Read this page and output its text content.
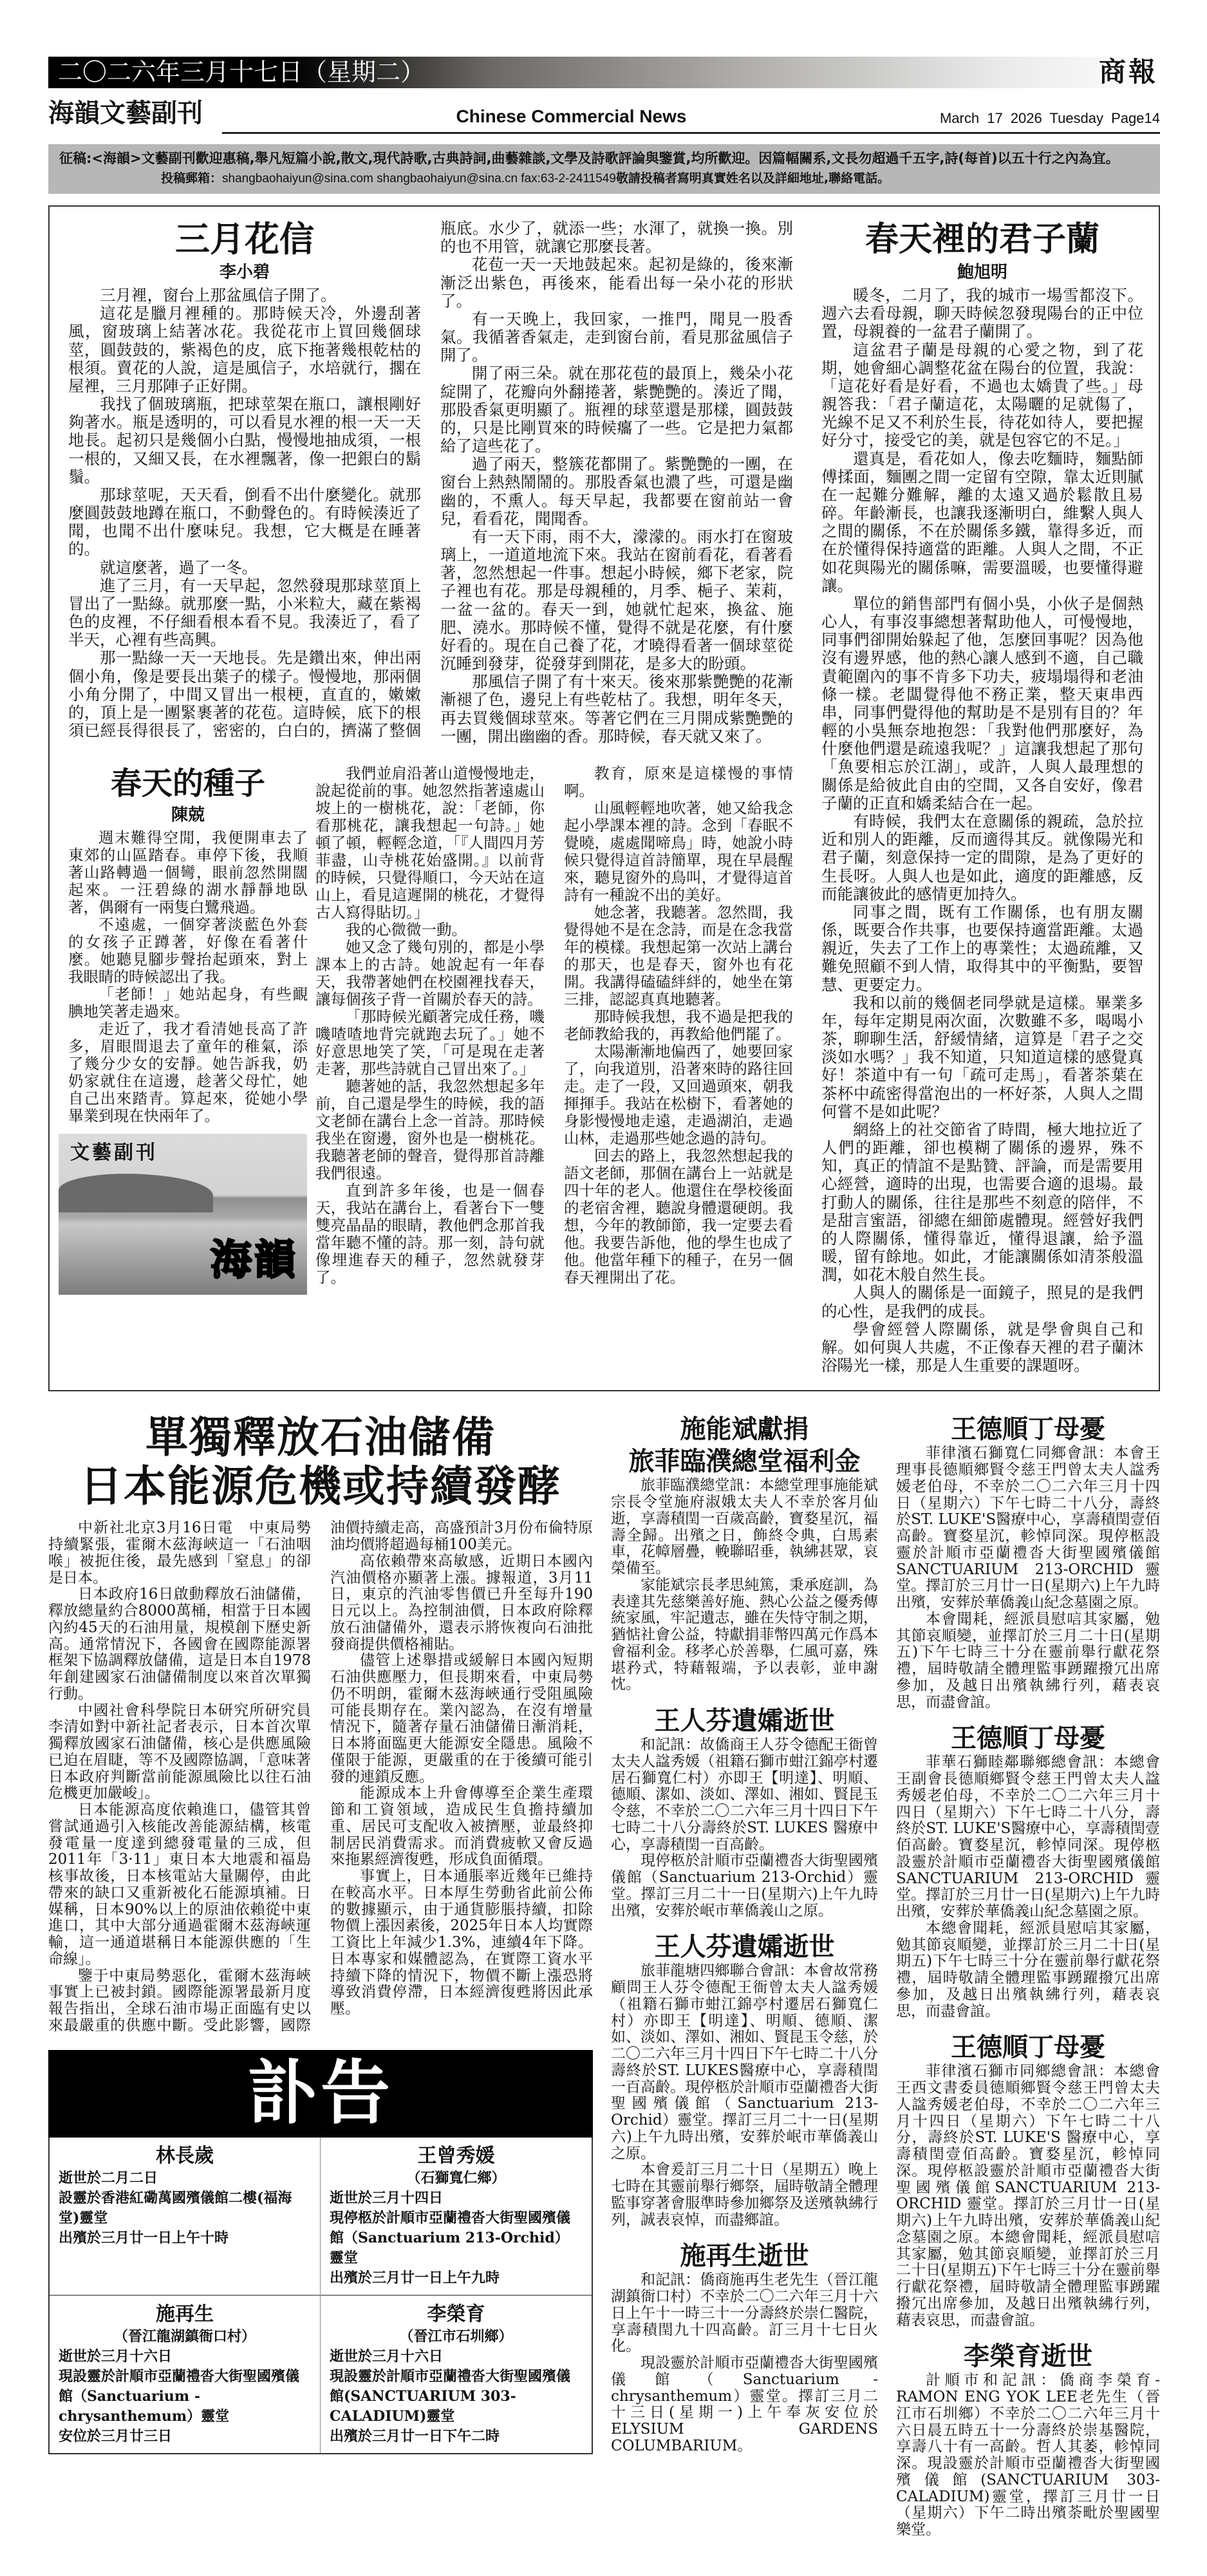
二〇二六年三月十七日（星期二）	商報
海韻文藝副刊	Chinese Commercial News	March 17 2026 Tuesday Page14
征稿:<海韻>文藝副刊歡迎惠稿,舉凡短篇小說,散文,現代詩歌,古典詩詞,曲藝雜談,文學及詩歌評論與鑒賞,均所歡迎。因篇幅關系,文長勿超過千五字,詩(每首)以五十行之內為宜。
投稿郵箱：shangbaohaiyun@sina.com shangbaohaiyun@sina.cn fax:63-2-2411549敬請投稿者寫明真實姓名以及詳細地址,聯絡電話。
三月花信
李小碧

三月裡，窗台上那盆風信子開了。

這花是臘月裡種的。那時候天冷，外邊刮著風，窗玻璃上結著冰花。我從花市上買回幾個球莖，圓鼓鼓的，紫褐色的皮，底下拖著幾根乾枯的根須。賣花的人說，這是風信子，水培就行，擱在屋裡，三月那陣子正好開。

我找了個玻璃瓶，把球莖架在瓶口，讓根剛好夠著水。瓶是透明的，可以看見水裡的根一天一天地長。起初只是幾個小白點，慢慢地抽成須，一根一根的，又細又長，在水裡飄著，像一把銀白的鬍鬚。

那球莖呢，天天看，倒看不出什麼變化。就那麼圓鼓鼓地蹲在瓶口，不動聲色的。有時候湊近了聞，也聞不出什麼味兒。我想，它大概是在睡著的。

就這麼著，過了一冬。

進了三月，有一天早起，忽然發現那球莖頂上冒出了一點綠。就那麼一點，小米粒大，藏在紫褐色的皮裡，不仔細看根本看不見。我湊近了，看了半天，心裡有些高興。

那一點綠一天一天地長。先是鑽出來，伸出兩個小角，像是要長出葉子的樣子。慢慢地，那兩個小角分開了，中間又冒出一根梗，直直的，嫩嫩的，頂上是一團緊裹著的花苞。這時候，底下的根須已經長得很長了，密密的，白白的，擠滿了整個瓶底。水少了，就添一些；水渾了，就換一換。別的也不用管，就讓它那麼長著。

花苞一天一天地鼓起來。起初是綠的，後來漸漸泛出紫色，再後來，能看出每一朵小花的形狀了。

有一天晚上，我回家，一推門，聞見一股香氣。我循著香氣走，走到窗台前，看見那盆風信子開了。

開了兩三朵。就在那花苞的最頂上，幾朵小花綻開了，花瓣向外翻捲著，紫艷艷的。湊近了聞，那股香氣更明顯了。瓶裡的球莖還是那樣，圓鼓鼓的，只是比剛買來的時候癟了一些。它是把力氣都給了這些花了。

過了兩天，整簇花都開了。紫艷艷的一團，在窗台上熱熱鬧鬧的。那股香氣也濃了些，可還是幽幽的，不熏人。每天早起，我都要在窗前站一會兒，看看花，聞聞香。

有一天下雨，雨不大，濛濛的。雨水打在窗玻璃上，一道道地流下來。我站在窗前看花，看著看著，忽然想起一件事。想起小時候，鄉下老家，院子裡也有花。那是母親種的，月季、梔子、茉莉，一盆一盆的。春天一到，她就忙起來，換盆、施肥、澆水。那時候不懂，覺得不就是花麼，有什麼好看的。現在自己養了花，才曉得看著一個球莖從沉睡到發芽，從發芽到開花，是多大的盼頭。

那風信子開了有十來天。後來那紫艷艷的花漸漸褪了色，邊兒上有些乾枯了。我想，明年冬天，再去買幾個球莖來。等著它們在三月開成紫艷艷的一團，開出幽幽的香。那時候，春天就又來了。

春天的種子
陳兢

週末難得空閒，我便開車去了東郊的山區踏春。車停下後，我順著山路轉過一個彎，眼前忽然開闊起來。一汪碧綠的湖水靜靜地臥著，偶爾有一兩隻白鷺飛過。

不遠處，一個穿著淡藍色外套的女孩子正蹲著，好像在看著什麼。她聽見腳步聲抬起頭來，對上我眼睛的時候認出了我。

「老師！」她站起身，有些靦腆地笑著走過來。

走近了，我才看清她長高了許多，眉眼間退去了童年的稚氣，添了幾分少女的安靜。她告訴我，奶奶家就住在這邊，趁著父母忙，她自己出來踏青。算起來，從她小學畢業到現在快兩年了。

文藝副刊
海韻

我們並肩沿著山道慢慢地走，說起從前的事。她忽然指著遠處山坡上的一樹桃花，說：「老師，你看那桃花，讓我想起一句詩。」她頓了頓，輕輕念道，「『人間四月芳菲盡，山寺桃花始盛開。』以前背的時候，只覺得順口，今天站在這山上，看見這遲開的桃花，才覺得古人寫得貼切。」

我的心微微一動。

她又念了幾句別的，都是小學課本上的古詩。她說起有一年春天，我帶著她們在校園裡找春天，讓每個孩子背一首關於春天的詩。

「那時候光顧著完成任務，嘰嘰喳喳地背完就跑去玩了。」她不好意思地笑了笑，「可是現在走著走著，那些詩就自己冒出來了。」

聽著她的話，我忽然想起多年前，自己還是學生的時候，我的語文老師在講台上念一首詩。那時候我坐在窗邊，窗外也是一樹桃花。我聽著老師的聲音，覺得那首詩離我們很遠。

直到許多年後，也是一個春天，我站在講台上，看著台下一雙雙亮晶晶的眼睛，教他們念那首我當年聽不懂的詩。那一刻，詩句就像埋進春天的種子，忽然就發芽了。

教育，原來是這樣慢的事情啊。

山風輕輕地吹著，她又給我念起小學課本裡的詩。念到「春眠不覺曉，處處聞啼鳥」時，她說小時候只覺得這首詩簡單，現在早晨醒來，聽見窗外的鳥叫，才覺得這首詩有一種說不出的美好。

她念著，我聽著。忽然間，我覺得她不是在念詩，而是在念我當年的模樣。我想起第一次站上講台的那天，也是春天，窗外也有花開。我講得磕磕絆絆的，她坐在第三排，認認真真地聽著。

那時候我想，我不過是把我的老師教給我的，再教給他們罷了。

太陽漸漸地偏西了，她要回家了，向我道別，沿著來時的路往回走。走了一段，又回過頭來，朝我揮揮手。我站在松樹下，看著她的身影慢慢地走遠，走過湖泊，走過山林，走過那些她念過的詩句。

回去的路上，我忽然想起我的語文老師，那個在講台上一站就是四十年的老人。他還住在學校後面的老宿舍裡，聽說身體還硬朗。我想，今年的教師節，我一定要去看他。我要告訴他，他的學生也成了他。他當年種下的種子，在另一個春天裡開出了花。

春天裡的君子蘭
鮑旭明

暖冬，二月了，我的城市一場雪都沒下。週六去看母親，聊天時候忽發現陽台的正中位置，母親養的一盆君子蘭開了。

這盆君子蘭是母親的心愛之物，到了花期，她會細心調整花盆在陽台的位置，我說：「這花好看是好看，不過也太嬌貴了些。」母親答我：「君子蘭這花，太陽曬的足就傷了，光線不足又不利於生長，待花如待人，要把握好分寸，接受它的美，就是包容它的不足。」

還真是，看花如人，像去吃麵時，麵點師傅揉面，麵團之間一定留有空隙，靠太近則膩在一起難分難解，離的太遠又過於鬆散且易碎。年齡漸長，也讓我逐漸明白，維繫人與人之間的關係，不在於關係多鐵，靠得多近，而在於懂得保持適當的距離。人與人之間，不正如花與陽光的關係嘛，需要溫暖，也要懂得避讓。

單位的銷售部門有個小吳，小伙子是個熱心人，有事沒事總想著幫助他人，可慢慢地，同事們卻開始躲起了他，怎麼回事呢？因為他沒有邊界感，他的熱心讓人感到不適，自己職責範圍內的事不肯多下功夫，疲塌塌得和老油條一樣。老闆覺得他不務正業，整天東串西串，同事們覺得他的幫助是不是別有目的？年輕的小吳無奈地抱怨：「我對他們那麼好，為什麼他們還是疏遠我呢？」這讓我想起了那句「魚要相忘於江湖」，或許，人與人最理想的關係是給彼此自由的空間，又各自安好，像君子蘭的正直和嬌柔結合在一起。

有時候，我們太在意關係的親疏，急於拉近和別人的距離，反而適得其反。就像陽光和君子蘭，刻意保持一定的間隙，是為了更好的生長呀。人與人也是如此，適度的距離感，反而能讓彼此的感情更加持久。

同事之間，既有工作關係，也有朋友關係，既要合作共事，也要保持適當距離。太過親近，失去了工作上的專業性；太過疏離，又難免照顧不到人情，取得其中的平衡點，要智慧、更要定力。

我和以前的幾個老同學就是這樣。畢業多年，每年定期見兩次面，次數雖不多，喝喝小茶，聊聊生活，舒緩情緒，這算是「君子之交淡如水嗎？」我不知道，只知道這樣的感覺真好！茶道中有一句「疏可走馬」，看著茶葉在茶杯中疏密得當泡出的一杯好茶，人與人之間何嘗不是如此呢？

網絡上的社交節省了時間，極大地拉近了人們的距離，卻也模糊了關係的邊界，殊不知，真正的情誼不是點贊、評論，而是需要用心經營，適時的出現，也需要合適的退場。最打動人的關係，往往是那些不刻意的陪伴，不是甜言蜜語，卻總在細節處體現。經營好我們的人際關係，懂得靠近，懂得退讓，給予溫暖，留有餘地。如此，才能讓關係如清茶般溫潤，如花木般自然生長。

人與人的關係是一面鏡子，照見的是我們的心性，是我們的成長。

學會經營人際關係，就是學會與自己和解。如何與人共處，不正像春天裡的君子蘭沐浴陽光一樣，那是人生重要的課題呀。

單獨釋放石油儲備
日本能源危機或持續發酵

中新社北京3月16日電　中東局勢持續緊張，霍爾木茲海峽這一「石油咽喉」被扼住後，最先感到「窒息」的卻是日本。

日本政府16日啟動釋放石油儲備，釋放總量約合8000萬桶，相當于日本國內約45天的石油用量，規模創下歷史新高。通常情況下，各國會在國際能源署框架下協調釋放儲備，這是日本自1978年創建國家石油儲備制度以來首次單獨行動。

中國社會科學院日本研究所研究員李清如對中新社記者表示，日本首次單獨釋放國家石油儲備，核心是供應風險已迫在眉睫，等不及國際協調，「意味著日本政府判斷當前能源風險比以往石油危機更加嚴峻」。

日本能源高度依賴進口，儘管其曾嘗試通過引入核能改善能源結構，核電發電量一度達到總發電量的三成，但2011年「3·11」東日本大地震和福島核事故後，日本核電站大量關停，由此帶來的缺口又重新被化石能源填補。日媒稱，日本90%以上的原油依賴從中東進口，其中大部分通過霍爾木茲海峽運輸，這一通道堪稱日本能源供應的「生命線」。

鑒于中東局勢惡化，霍爾木茲海峽事實上已被封鎖。國際能源署最新月度報告指出，全球石油市場正面臨有史以來最嚴重的供應中斷。受此影響，國際油價持續走高，高盛預計3月份布倫特原油均價將超過每桶100美元。

高依賴帶來高敏感，近期日本國內汽油價格亦顯著上漲。據報道，3月11日，東京的汽油零售價已升至每升190日元以上。為控制油價，日本政府除釋放石油儲備外，還表示將恢複向石油批發商提供價格補貼。

儘管上述舉措或緩解日本國內短期石油供應壓力，但長期來看，中東局勢仍不明朗，霍爾木茲海峽通行受阻風險可能長期存在。業內認為，在沒有增量情況下，隨著存量石油儲備日漸消耗，日本將面臨更大能源安全隱患。風險不僅限于能源，更嚴重的在于後續可能引發的連鎖反應。

能源成本上升會傳導至企業生產環節和工資領域，造成民生負擔持續加重、居民可支配收入被擠壓，並最終抑制居民消費需求。而消費疲軟又會反過來拖累經濟復甦，形成負面循環。

事實上，日本通脹率近幾年已維持在較高水平。日本厚生勞動省此前公佈的數據顯示，由于通貨膨脹持續，扣除物價上漲因素後，2025年日本人均實際工資比上年減少1.3%，連續4年下降。日本專家和媒體認為，在實際工資水平持續下降的情況下，物價不斷上漲恐將導致消費停滯，日本經濟復甦將因此承壓。

訃告
林長歲
逝世於二月二日
設靈於香港紅磡萬國殯儀館二樓(福海堂)靈堂
出殯於三月廿一日上午十時
王曾秀媛
（石獅寬仁鄉）
逝世於三月十四日
現停柩於計順市亞蘭禮沓大街聖國殯儀館（Sanctuarium 213-Orchid）靈堂
出殯於三月廿一日上午九時
施再生
（晉江龍湖鎮衙口村）
逝世於三月十六日
現設靈於計順市亞蘭禮沓大街聖國殯儀館（Sanctuarium -chrysanthemum）靈堂
安位於三月廿三日
李榮育
（晉江市石圳鄉）
逝世於三月十六日
現設靈於計順市亞蘭禮沓大街聖國殯儀館(SANCTUARIUM 303-CALADIUM)靈堂
出殯於三月廿一日下午二時
施能斌獻捐
旅菲臨濮總堂福利金

旅菲臨濮總堂訊：本總堂理事施能斌宗長令堂施府淑娥太夫人不幸於客月仙逝，享壽積閏一百歲高齡，寶婺星沉，福壽全歸。出殯之日，飾終令典，白馬素車，花幛層疊，輓聯昭垂，執紼甚眾，哀榮備至。

家能斌宗長孝思純篤，秉承庭訓，為表達其先慈樂善好施、熱心公益之優秀傳統家風，牢記遺志，雖在失恃守制之期，猶惦社會公益，特獻捐菲幣四萬元作爲本會福利金。移孝心於善舉，仁風可嘉，殊堪矜式，特藉報端，予以表彰，並申謝忱。

王人芬遺孀逝世

和記訊：故僑商王人芬令德配王衙曾太夫人諡秀媛（祖籍石獅市蚶江錦亭村遷居石獅寬仁村）亦即王【明達】、明順、德順、潔如、淡如、澤如、湘如、賢昆玉令慈，不幸於二〇二六年三月十四日下午七時二十八分壽終於ST. LUKES 醫療中心，享壽積閏一百高齡。

現停柩於計順市亞蘭禮沓大街聖國殯儀館（Sanctuarium 213-Orchid）靈堂。擇訂三月二十一日(星期六)上午九時出殯，安葬於岷市華僑義山之原。

王人芬遺孀逝世

旅菲龍塘四鄉聯合會訊：本會故常務顧問王人芬令德配王衙曾太夫人諡秀媛（祖籍石獅市蚶江錦亭村遷居石獅寬仁村）亦即王【明達】、明順、德順、潔如、淡如、澤如、湘如、賢昆玉令慈，於二〇二六年三月十四日下午七時二十八分壽終於ST. LUKES醫療中心，享壽積閏一百高齡。現停柩於計順市亞蘭禮沓大街聖國殯儀館（Sanctuarium 213-Orchid）靈堂。擇訂三月二十一日(星期六)上午九時出殯，安葬於岷市華僑義山之原。

本會爰訂三月二十日（星期五）晚上七時在其靈前舉行鄉祭，屆時敬請全體理監事穿著會服準時參加鄉祭及送殯執紼行列，誠表哀悼，而盡鄉誼。

施再生逝世

和記訊：僑商施再生老先生（晉江龍湖鎮衙口村）不幸於二〇二六年三月十六日上午十一時三十一分壽終於崇仁醫院，享壽積閏九十四高齡。訂三月十七日火化。

現設靈於計順市亞蘭禮沓大街聖國殯儀館（Sanctuarium -chrysanthemum）靈堂。擇訂三月二十三日(星期一)上午奉灰安位於ELYSIUM GARDENS COLUMBARIUM。

王德順丁母憂

菲律濱石獅寬仁同鄉會訊：本會王理事長德順鄉賢令慈王門曾太夫人諡秀媛老伯母，不幸於二〇二六年三月十四日（星期六）下午七時二十八分，壽終於ST. LUKE'S醫療中心，享壽積閏壹佰高齡。寶婺星沉，軫悼同深。現停柩設靈於計順市亞蘭禮沓大街聖國殯儀館SANCTUARIUM 213-ORCHID靈堂。擇訂於三月廿一日(星期六)上午九時出殯，安葬於華僑義山紀念墓園之原。

本會聞耗，經派員慰唁其家屬，勉其節哀順變，並擇訂於三月二十日(星期五)下午七時三十分在靈前舉行獻花祭禮，屆時敬請全體理監事踴躍撥冗出席參加，及越日出殯執紼行列，藉表哀思，而盡會誼。

王德順丁母憂

菲華石獅睦鄰聯鄉總會訊：本總會王副會長德順鄉賢令慈王門曾太夫人諡秀媛老伯母，不幸於二〇二六年三月十四日（星期六）下午七時二十八分，壽終於ST. LUKE'S醫療中心，享壽積閏壹佰高齡。寶婺星沉，軫悼同深。現停柩設靈於計順市亞蘭禮沓大街聖國殯儀館SANCTUARIUM 213-ORCHID靈堂。擇訂於三月廿一日(星期六)上午九時出殯，安葬於華僑義山紀念墓園之原。

本總會聞耗，經派員慰唁其家屬，勉其節哀順變，並擇訂於三月二十日(星期五)下午七時三十分在靈前舉行獻花祭禮，屆時敬請全體理監事踴躍撥冗出席參加，及越日出殯執紼行列，藉表哀思，而盡會誼。

王德順丁母憂

菲律濱石獅市同鄉總會訊：本總會王西文書委員德順鄉賢令慈王門曾太夫人諡秀媛老伯母，不幸於二〇二六年三月十四日（星期六）下午七時二十八分，壽終於ST. LUKE'S 醫療中心，享壽積閏壹佰高齡。寶婺星沉，軫悼同深。現停柩設靈於計順市亞蘭禮沓大街聖國殯儀館SANCTUARIUM 213-ORCHID 靈堂。擇訂於三月廿一日(星期六)上午九時出殯，安葬於華僑義山紀念墓園之原。本總會聞耗，經派員慰唁其家屬，勉其節哀順變，並擇訂於三月二十日(星期五)下午七時三十分在靈前舉行獻花祭禮，屆時敬請全體理監事踴躍撥冗出席參加，及越日出殯執紼行列，藉表哀思，而盡會誼。

李榮育逝世

計順市和記訊：僑商李榮育-RAMON ENG YOK LEE老先生（晉江市石圳鄉）不幸於二〇二六年三月十六日晨五時五十一分壽終於崇基醫院，享壽八十有一高齡。哲人其萎，軫悼同深。現設靈於計順市亞蘭禮沓大街聖國殯儀館(SANCTUARIUM 303-CALADIUM)靈堂，擇訂三月廿一日（星期六）下午二時出殯荼毗於聖國聖樂堂。
